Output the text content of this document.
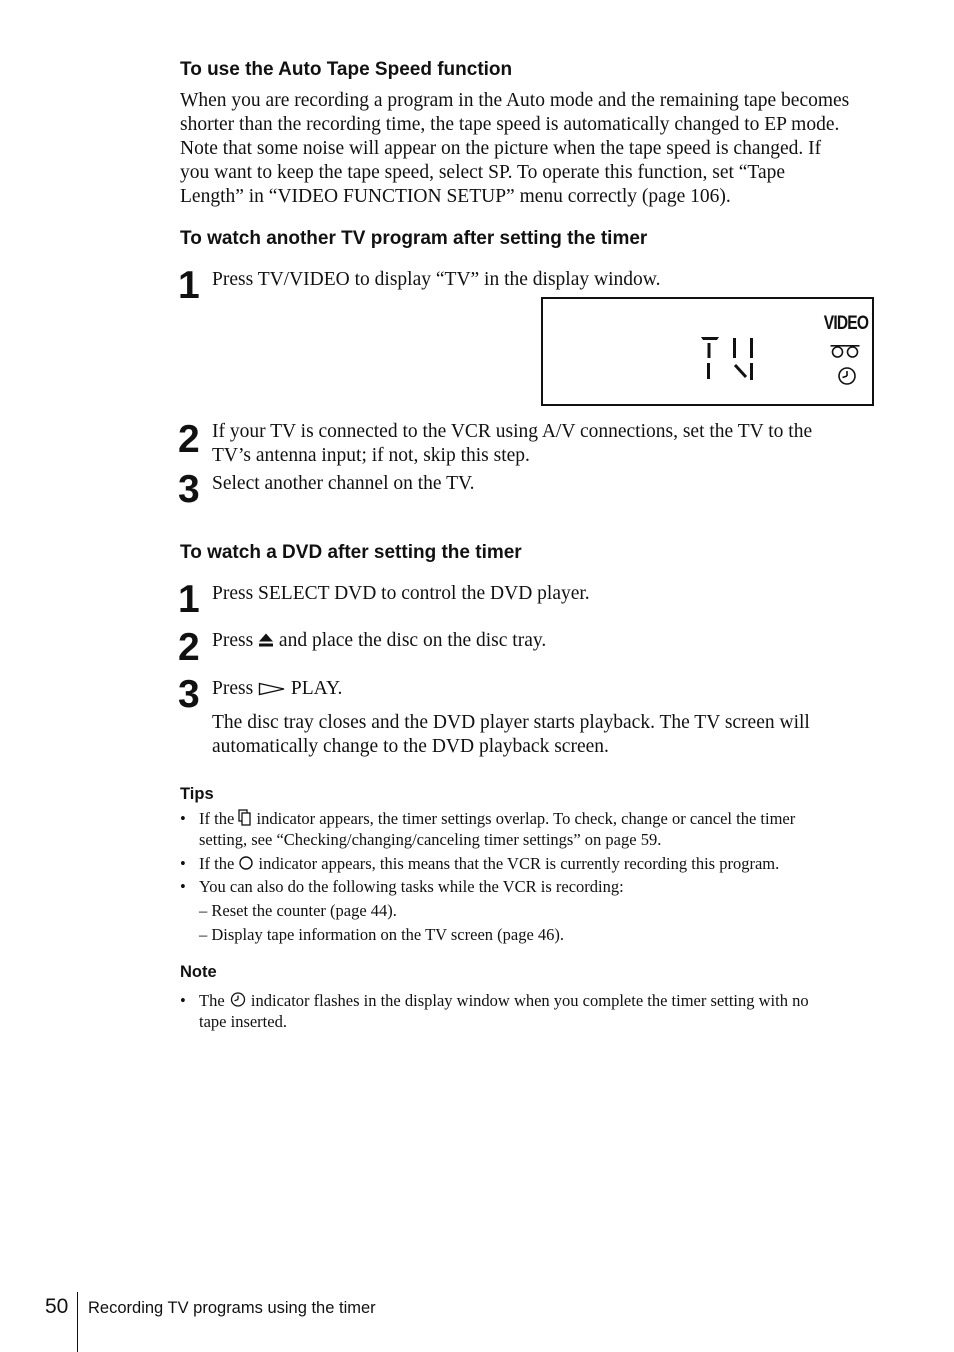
To use the Auto Tape Speed function
When you are recording a program in the Auto mode and the remaining tape becomes
shorter than the recording time, the tape speed is automatically changed to EP mode.
Note that some noise will appear on the picture when the tape speed is changed. If
you want to keep the tape speed, select SP. To operate this function, set “Tape
Length” in “VIDEO FUNCTION SETUP” menu correctly (page 106).
To watch another TV program after setting the timer
1 Press TV/VIDEO to display “TV” in the display window.
VIDEO
2 If your TV is connected to the VCR using A/V connections, set the TV to the
TV’s antenna input; if not, skip this step.
3 Select another channel on the TV.
To watch a DVD after setting the timer
1 Press SELECT DVD to control the DVD player.
2 Press and place the disc on the disc tray.
3 Press PLAY.
The disc tray closes and the DVD player starts playback. The TV screen will
automatically change to the DVD playback screen.
Tips
• If the indicator appears, the timer settings overlap. To check, change or cancel the timer
setting, see “Checking/changing/canceling timer settings” on page 59.
• If the indicator appears, this means that the VCR is currently recording this program.
• You can also do the following tasks while the VCR is recording:
– Reset the counter (page 44).
– Display tape information on the TV screen (page 46).
Note
• The indicator flashes in the display window when you complete the timer setting with no
tape inserted.
50 Recording TV programs using the timer
